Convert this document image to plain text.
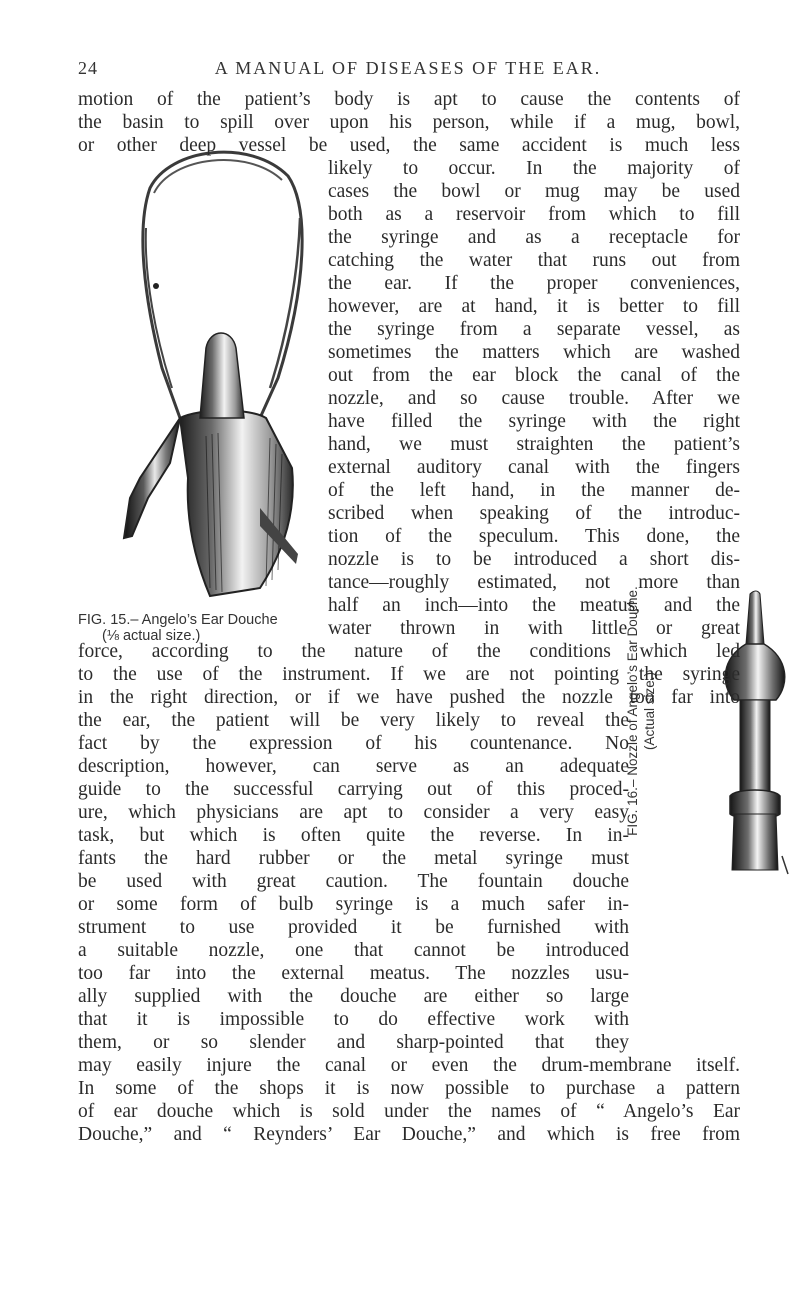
24	A MANUAL OF DISEASES OF THE EAR.
FIG. 15.– Angelo’s Ear Douche
(⅛ actual size.)	FIG. 16.– Nozzle of Angelo’s Ear Douche. (Actual size.)
motion of the patient’s body is apt to cause the contents of
the basin to spill over upon his person, while if a mug, bowl,
or other deep vessel be used, the same accident is much less
likely to occur. In the majority of
cases the bowl or mug may be used
both as a reservoir from which to fill
the syringe and as a receptacle for
catching the water that runs out from
the ear. If the proper conveniences,
however, are at hand, it is better to fill
the syringe from a separate vessel, as
sometimes the matters which are washed
out from the ear block the canal of the
nozzle, and so cause trouble. After we
have filled the syringe with the right
hand, we must straighten the patient’s
external auditory canal with the fingers
of the left hand, in the manner de-
scribed when speaking of the introduc-
tion of the speculum. This done, the
nozzle is to be introduced a short dis-
tance—roughly estimated, not more than
half an inch—into the meatus, and the
water thrown in with little or great
force, according to the nature of the conditions which led
to the use of the instrument. If we are not pointing the syringe
in the right direction, or if we have pushed the nozzle too far into
the ear, the patient will be very likely to reveal the
fact by the expression of his countenance. No
description, however, can serve as an adequate
guide to the successful carrying out of this proced-
ure, which physicians are apt to consider a very easy
task, but which is often quite the reverse. In in-
fants the hard rubber or the metal syringe must
be used with great caution. The fountain douche
or some form of bulb syringe is a much safer in-
strument to use provided it be furnished with
a suitable nozzle, one that cannot be introduced
too far into the external meatus. The nozzles usu-
ally supplied with the douche are either so large
that it is impossible to do effective work with
them, or so slender and sharp-pointed that they
may easily injure the canal or even the drum-membrane itself.
In some of the shops it is now possible to purchase a pattern
of ear douche which is sold under the names of “ Angelo’s Ear
Douche,” and “ Reynders’ Ear Douche,” and which is free from
